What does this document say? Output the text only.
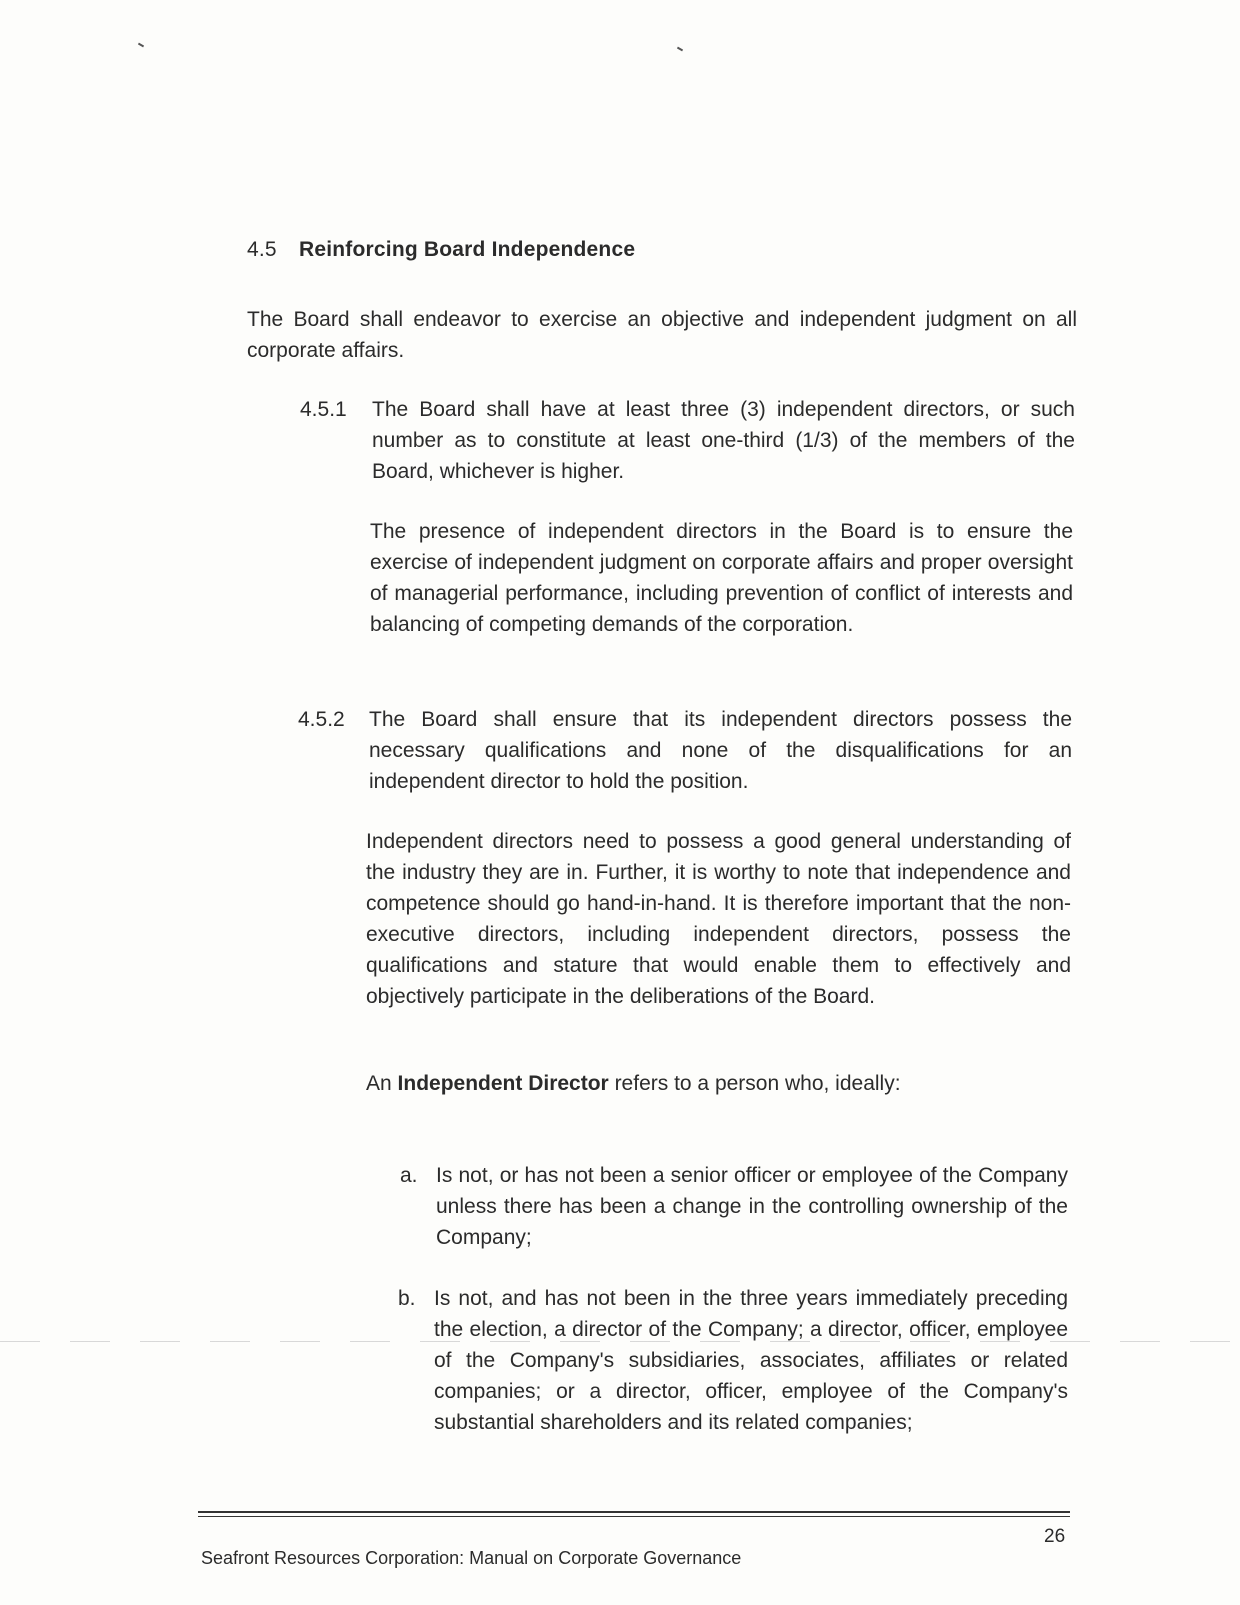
4.5 Reinforcing Board Independence

The Board shall endeavor to exercise an objective and independent judgment on all corporate affairs.

4.5.1 The Board shall have at least three (3) independent directors, or such number as to constitute at least one-third (1/3) of the members of the Board, whichever is higher.

The presence of independent directors in the Board is to ensure the exercise of independent judgment on corporate affairs and proper oversight of managerial performance, including prevention of conflict of interests and balancing of competing demands of the corporation.

4.5.2 The Board shall ensure that its independent directors possess the necessary qualifications and none of the disqualifications for an independent director to hold the position.

Independent directors need to possess a good general understanding of the industry they are in. Further, it is worthy to note that independence and competence should go hand-in-hand. It is therefore important that the non-executive directors, including independent directors, possess the qualifications and stature that would enable them to effectively and objectively participate in the deliberations of the Board.

An Independent Director refers to a person who, ideally:

a. Is not, or has not been a senior officer or employee of the Company unless there has been a change in the controlling ownership of the Company;

b. Is not, and has not been in the three years immediately preceding the election, a director of the Company; a director, officer, employee of the Company's subsidiaries, associates, affiliates or related companies; or a director, officer, employee of the Company's substantial shareholders and its related companies;

26
Seafront Resources Corporation: Manual on Corporate Governance
